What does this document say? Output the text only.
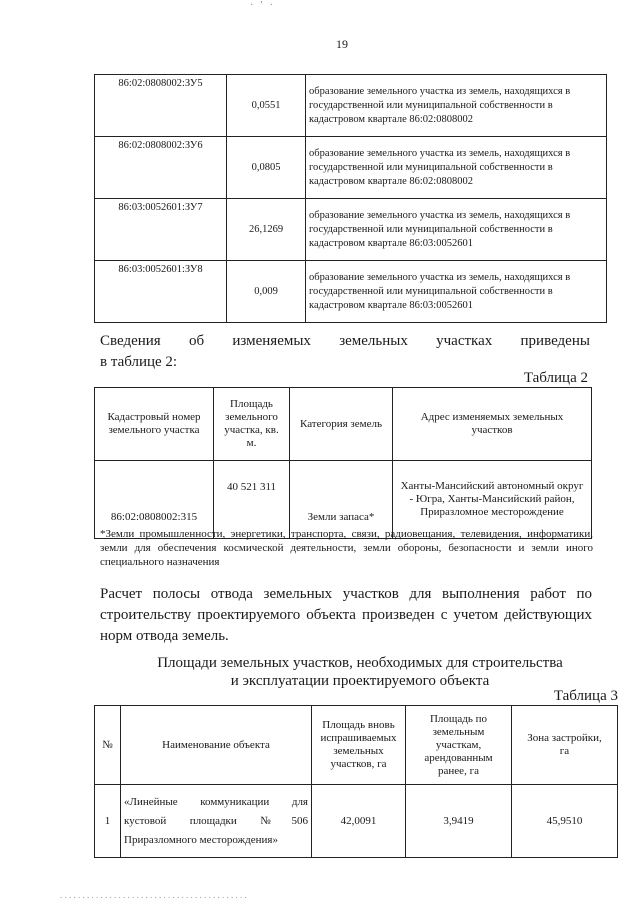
· ‛ ·
19
86:02:0808002:ЗУ5	0,0551	образование земельного участка из земель, находящихся в государственной или муниципальной собственности в кадастровом квартале 86:02:0808002
86:02:0808002:ЗУ6	0,0805	образование земельного участка из земель, находящихся в государственной или муниципальной собственности в кадастровом квартале 86:02:0808002
86:03:0052601:ЗУ7	26,1269	образование земельного участка из земель, находящихся в государственной или муниципальной собственности в кадастровом квартале 86:03:0052601
86:03:0052601:ЗУ8	0,009	образование земельного участка из земель, находящихся в государственной или муниципальной собственности в кадастровом квартале 86:03:0052601
Сведения об изменяемых земельных участках приведены
в таблице 2:
Таблица 2
Кадастровый номер земельного участка	Площадь земельного участка, кв. м.	Категория земель	Адрес изменяемых земельных участков

86:02:0808002:315	40 521 311	Земли запаса*	Ханты-Мансийский автономный округ - Югра, Ханты-Мансийский район, Приразломное месторождение
*Земли промышленности, энергетики, транспорта, связи, радиовещания, телевидения, информатики, земли для обеспечения космической деятельности, земли обороны, безопасности и земли иного специального назначения
Расчет полосы отвода земельных участков для выполнения работ по строительству проектируемого объекта произведен с учетом действующих норм отвода земель.
Площади земельных участков, необходимых для строительства
и эксплуатации проектируемого объекта
Таблица 3
№	Наименование объекта	Площадь вновь испрашиваемых земельных участков, га	Площадь по земельным участкам, арендованным ранее, га	Зона застройки, га

1	«Линейные коммуникации для кустовой площадки №506 Приразломного месторождения»	42,0091	3,9419	45,9510
. . . . . . . . . . . . . . . . . . . . . . . . . . . . . . . . . . . . . . . . . .
